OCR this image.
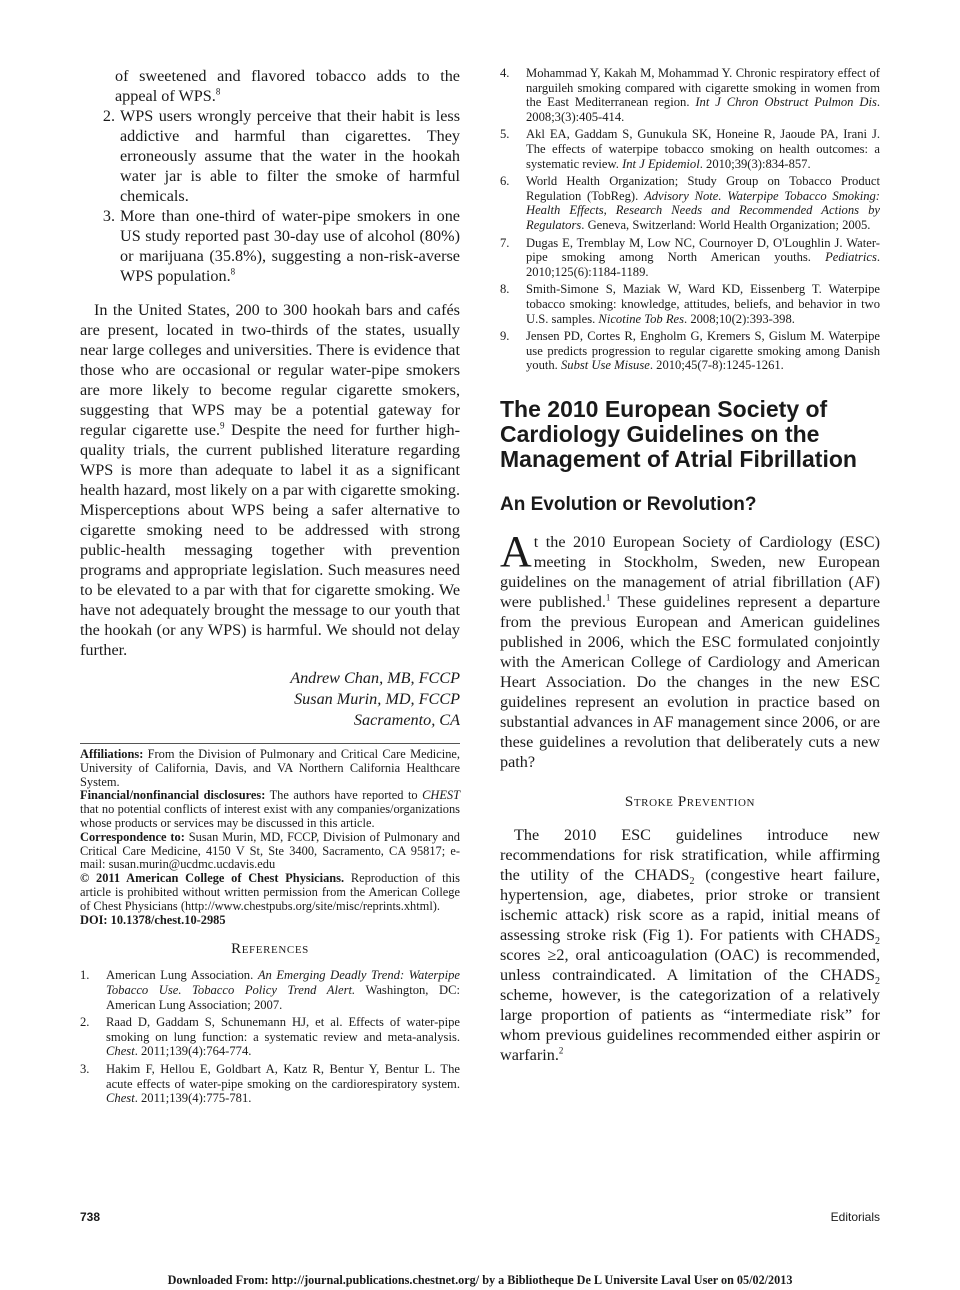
of sweetened and flavored tobacco adds to the appeal of WPS.$^8$
2. WPS users wrongly perceive that their habit is less addictive and harmful than cigarettes. They erroneously assume that the water in the hookah water jar is able to filter the smoke of harmful chemicals.
3. More than one-third of water-pipe smokers in one US study reported past 30-day use of alcohol (80%) or marijuana (35.8%), suggesting a non-risk-averse WPS population.$^8$

In the United States, 200 to 300 hookah bars and cafés are present, located in two-thirds of the states, usually near large colleges and universities. There is evidence that those who are occasional or regular water-pipe smokers are more likely to become regular cigarette smokers, suggesting that WPS may be a potential gateway for regular cigarette use.$^9$ Despite the need for further high-quality trials, the current published literature regarding WPS is more than adequate to label it as a significant health hazard, most likely on a par with cigarette smoking. Misperceptions about WPS being a safer alternative to cigarette smoking need to be addressed with strong public-health messaging together with prevention programs and appropriate legislation. Such measures need to be elevated to a par with that for cigarette smoking. We have not adequately brought the message to our youth that the hookah (or any WPS) is harmful. We should not delay further.

Andrew Chan, MB, FCCP
Susan Murin, MD, FCCP
Sacramento, CA
Affiliations: From the Division of Pulmonary and Critical Care Medicine, University of California, Davis, and VA Northern California Healthcare System.
Financial/nonfinancial disclosures: The authors have reported to CHEST that no potential conflicts of interest exist with any companies/organizations whose products or services may be discussed in this article.
Correspondence to: Susan Murin, MD, FCCP, Division of Pulmonary and Critical Care Medicine, 4150 V St, Ste 3400, Sacramento, CA 95817; e-mail: susan.murin@ucdmc.ucdavis.edu
© 2011 American College of Chest Physicians. Reproduction of this article is prohibited without written permission from the American College of Chest Physicians (http://www.chestpubs.org/site/misc/reprints.xhtml).
DOI: 10.1378/chest.10-2985
References
1.	American Lung Association. An Emerging Deadly Trend: Waterpipe Tobacco Use. Tobacco Policy Trend Alert. Washington, DC: American Lung Association; 2007.
2.	Raad D, Gaddam S, Schunemann HJ, et al. Effects of water-pipe smoking on lung function: a systematic review and meta-analysis. Chest. 2011;139(4):764-774.
3.	Hakim F, Hellou E, Goldbart A, Katz R, Bentur Y, Bentur L. The acute effects of water-pipe smoking on the cardiorespiratory system. Chest. 2011;139(4):775-781.
4.	Mohammad Y, Kakah M, Mohammad Y. Chronic respiratory effect of narguileh smoking compared with cigarette smoking in women from the East Mediterranean region. Int J Chron Obstruct Pulmon Dis. 2008;3(3):405-414.
5.	Akl EA, Gaddam S, Gunukula SK, Honeine R, Jaoude PA, Irani J. The effects of waterpipe tobacco smoking on health outcomes: a systematic review. Int J Epidemiol. 2010;39(3):834-857.
6.	World Health Organization; Study Group on Tobacco Product Regulation (TobReg). Advisory Note. Waterpipe Tobacco Smoking: Health Effects, Research Needs and Recommended Actions by Regulators. Geneva, Switzerland: World Health Organization; 2005.
7.	Dugas E, Tremblay M, Low NC, Cournoyer D, O'Loughlin J. Water-pipe smoking among North American youths. Pediatrics. 2010;125(6):1184-1189.
8.	Smith-Simone S, Maziak W, Ward KD, Eissenberg T. Waterpipe tobacco smoking: knowledge, attitudes, beliefs, and behavior in two U.S. samples. Nicotine Tob Res. 2008;10(2):393-398.
9.	Jensen PD, Cortes R, Engholm G, Kremers S, Gislum M. Waterpipe use predicts progression to regular cigarette smoking among Danish youth. Subst Use Misuse. 2010;45(7-8):1245-1261.
The 2010 European Society of Cardiology Guidelines on the Management of Atrial Fibrillation
An Evolution or Revolution?

At the 2010 European Society of Cardiology (ESC) meeting in Stockholm, Sweden, new European guidelines on the management of atrial fibrillation (AF) were published.$^1$ These guidelines represent a departure from the previous European and American guidelines published in 2006, which the ESC formulated conjointly with the American College of Cardiology and American Heart Association. Do the changes in the new ESC guidelines represent an evolution in practice based on substantial advances in AF management since 2006, or are these guidelines a revolution that deliberately cuts a new path?

Stroke Prevention

The 2010 ESC guidelines introduce new recommendations for risk stratification, while affirming the utility of the $CHADS_2$ (congestive heart failure, hypertension, age, diabetes, prior stroke or transient ischemic attack) risk score as a rapid, initial means of assessing stroke risk (Fig 1). For patients with $CHADS_2$ scores ≥2, oral anticoagulation (OAC) is recommended, unless contraindicated. A limitation of the $CHADS_2$ scheme, however, is the categorization of a relatively large proportion of patients as “intermediate risk” for whom previous guidelines recommended either aspirin or warfarin.$^2$

738	Editorials
Downloaded From: http://journal.publications.chestnet.org/ by a Bibliotheque De L Universite Laval User on 05/02/2013
